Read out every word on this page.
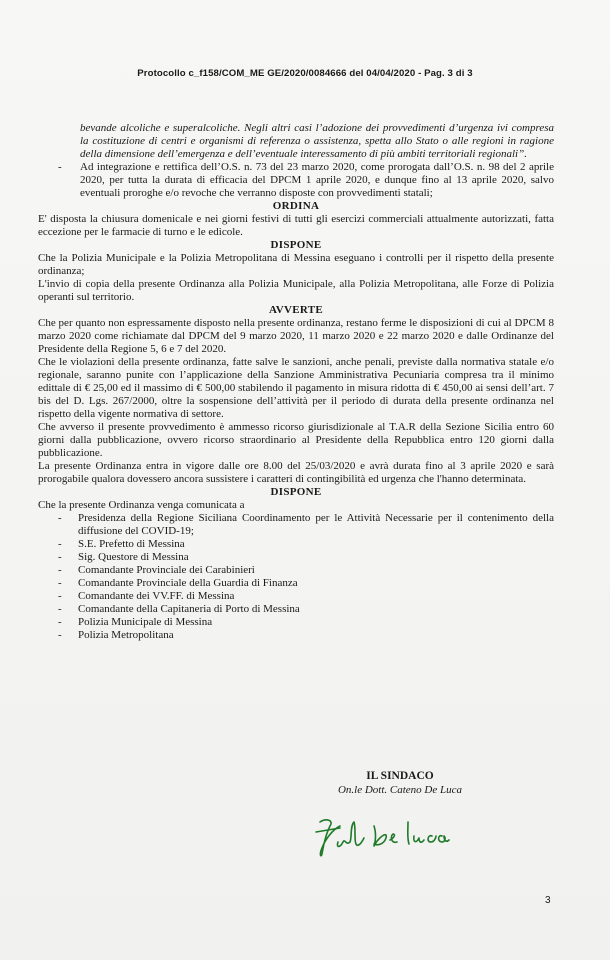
Protocollo c_f158/COM_ME GE/2020/0084666 del 04/04/2020 - Pag. 3 di 3
bevande alcoliche e superalcoliche. Negli altri casi l’adozione dei provvedimenti d’urgenza ivi compresa la costituzione di centri e organismi di referenza o assistenza, spetta allo Stato o alle regioni in ragione della dimensione dell’emergenza e dell’eventuale interessamento di più ambiti territoriali regionali”.
-	Ad integrazione e rettifica dell’O.S. n. 73 del 23 marzo 2020, come prorogata dall’O.S. n. 98 del 2 aprile 2020, per tutta la durata di efficacia del DPCM 1 aprile 2020, e dunque fino al 13 aprile 2020, salvo eventuali proroghe e/o revoche che verranno disposte con provvedimenti statali;
ORDINA

E' disposta la chiusura domenicale e nei giorni festivi di tutti gli esercizi commerciali attualmente autorizzati, fatta eccezione per le farmacie di turno e le edicole.

DISPONE

Che la Polizia Municipale e la Polizia Metropolitana di Messina eseguano i controlli per il rispetto della presente ordinanza;

L'invio di copia della presente Ordinanza alla Polizia Municipale, alla Polizia Metropolitana, alle Forze di Polizia operanti sul territorio.

AVVERTE

Che per quanto non espressamente disposto nella presente ordinanza, restano ferme le disposizioni di cui al DPCM 8 marzo 2020 come richiamate dal DPCM del 9 marzo 2020, 11 marzo 2020 e 22 marzo 2020 e dalle Ordinanze del Presidente della Regione 5, 6 e 7 del 2020.

Che le violazioni della presente ordinanza, fatte salve le sanzioni, anche penali, previste dalla normativa statale e/o regionale, saranno punite con l’applicazione della Sanzione Amministrativa Pecuniaria compresa tra il minimo edittale di € 25,00 ed il massimo di € 500,00 stabilendo il pagamento in misura ridotta di € 450,00 ai sensi dell’art. 7 bis del D. Lgs. 267/2000, oltre la sospensione dell’attività per il periodo di durata della presente ordinanza nel rispetto della vigente normativa di settore.

Che avverso il presente provvedimento è ammesso ricorso giurisdizionale al T.A.R della Sezione Sicilia entro 60 giorni dalla pubblicazione, ovvero ricorso straordinario al Presidente della Repubblica entro 120 giorni dalla pubblicazione.

La presente Ordinanza entra in vigore dalle ore 8.00 del 25/03/2020 e avrà durata fino al 3 aprile 2020 e sarà prorogabile qualora dovessero ancora sussistere i caratteri di contingibilità ed urgenza che l'hanno determinata.

DISPONE

Che la presente Ordinanza venga comunicata a

-	Presidenza della Regione Siciliana Coordinamento per le Attività Necessarie per il contenimento della diffusione del COVID-19;
-	S.E. Prefetto di Messina
-	Sig. Questore di Messina
-	Comandante Provinciale dei Carabinieri
-	Comandante Provinciale della Guardia di Finanza
-	Comandante dei VV.FF. di Messina
-	Comandante della Capitaneria di Porto di Messina
-	Polizia Municipale di Messina
-	Polizia Metropolitana
IL SINDACO
On.le Dott. Cateno De Luca
3
